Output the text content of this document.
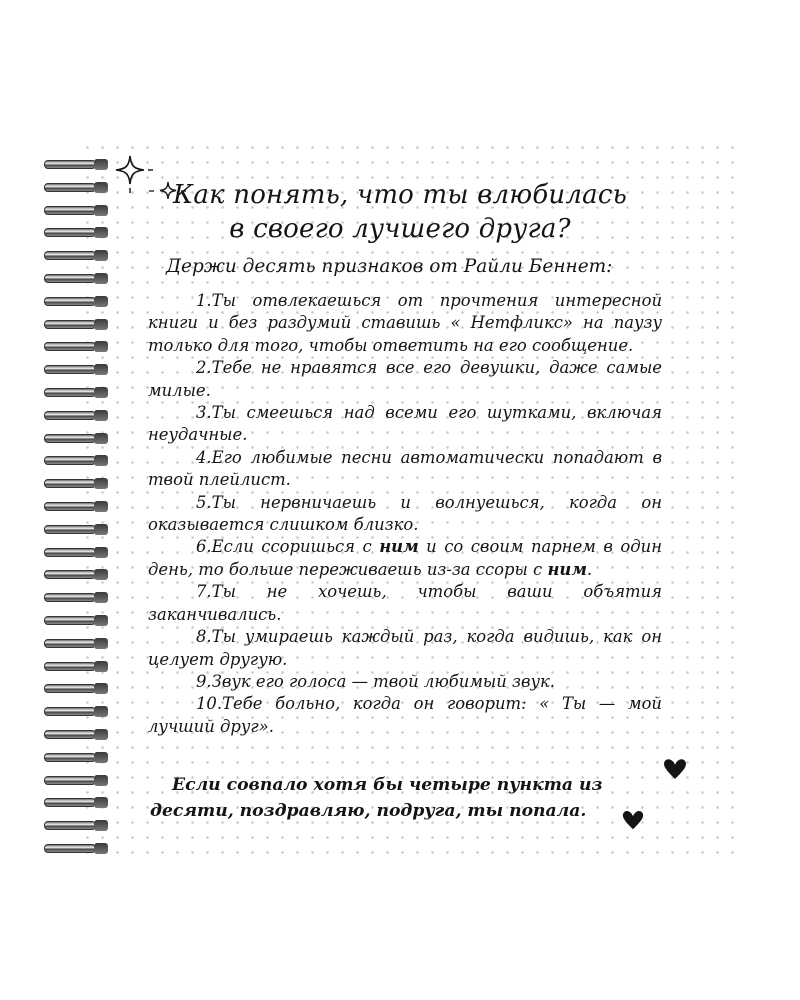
Как понять, что ты влюбилась
в своего лучшего друга?
Держи десять признаков от Райли Беннет:
1.Ты отвлекаешься от прочтения интересной книги и без раздумий ставишь « Нетфликс» на паузу только для того, чтобы ответить на его сообщение.
2.Тебе не нравятся все его девушки, даже самые милые.
3.Ты смеешься над всеми его шутками, включая неудачные.
4.Его любимые песни автоматически попадают в твой плейлист.
5.Ты нервничаешь и волнуешься, когда он оказывается слишком близко.
6.Если ссоришься с ним и со своим парнем в один день, то больше переживаешь из-за ссоры с ним.
7.Ты не хочешь, чтобы ваши объятия заканчивались.
8.Ты умираешь каждый раз, когда видишь, как он целует другую.
9.Звук его голоса — твой любимый звук.
10.Тебе больно, когда он говорит: « Ты — мой лучший друг».
Если совпало хотя бы четыре пункта из десяти, поздравляю, подруга, ты попала.
